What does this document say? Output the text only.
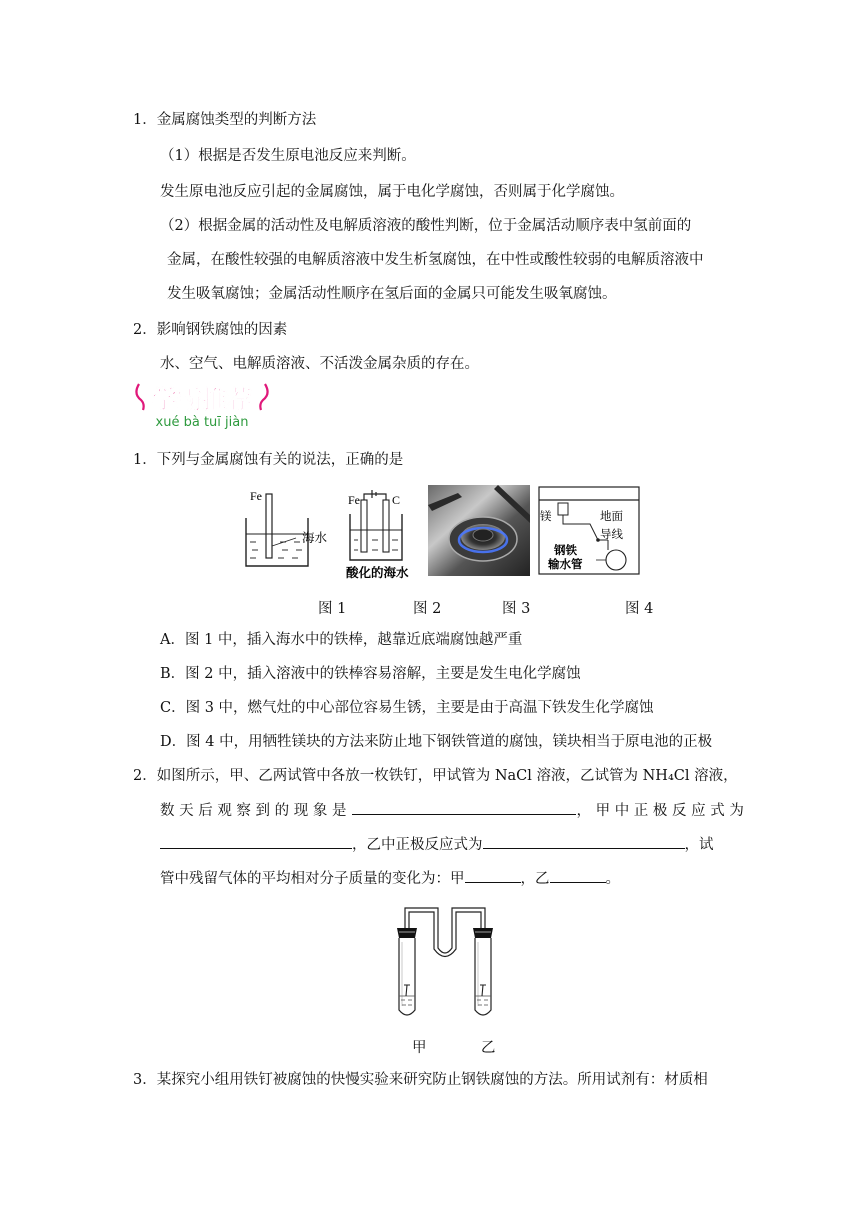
1．金属腐蚀类型的判断方法
（1）根据是否发生原电池反应来判断。
发生原电池反应引起的金属腐蚀，属于电化学腐蚀，否则属于化学腐蚀。
（2）根据金属的活动性及电解质溶液的酸性判断，位于金属活动顺序表中氢前面的
金属，在酸性较强的电解质溶液中发生析氢腐蚀，在中性或酸性较弱的电解质溶液中
发生吸氧腐蚀；金属活动性顺序在氢后面的金属只可能发生吸氧腐蚀。
2．影响钢铁腐蚀的因素
水、空气、电解质溶液、不活泼金属杂质的存在。
学霸推荐
xué bà tuī jiàn
1．下列与金属腐蚀有关的说法，正确的是
Fe
海水
Fe	C
酸化的海水
镁	地面
导线
钢铁
输水管
图 1	图 2	图 3	图 4
A．图 1 中，插入海水中的铁棒，越靠近底端腐蚀越严重
B．图 2 中，插入溶液中的铁棒容易溶解，主要是发生电化学腐蚀
C．图 3 中，燃气灶的中心部位容易生锈，主要是由于高温下铁发生化学腐蚀
D．图 4 中，用牺牲镁块的方法来防止地下钢铁管道的腐蚀，镁块相当于原电池的正极
2．如图所示，甲、乙两试管中各放一枚铁钉，甲试管为 NaCl 溶液，乙试管为 NH₄Cl 溶液，
数 天 后 观 察 到 的 现 象 是	， 甲 中 正 极 反 应 式 为
，乙中正极反应式为	，试
管中残留气体的平均相对分子质量的变化为：甲	，乙	。
甲	乙
3．某探究小组用铁钉被腐蚀的快慢实验来研究防止钢铁腐蚀的方法。所用试剂有：材质相
